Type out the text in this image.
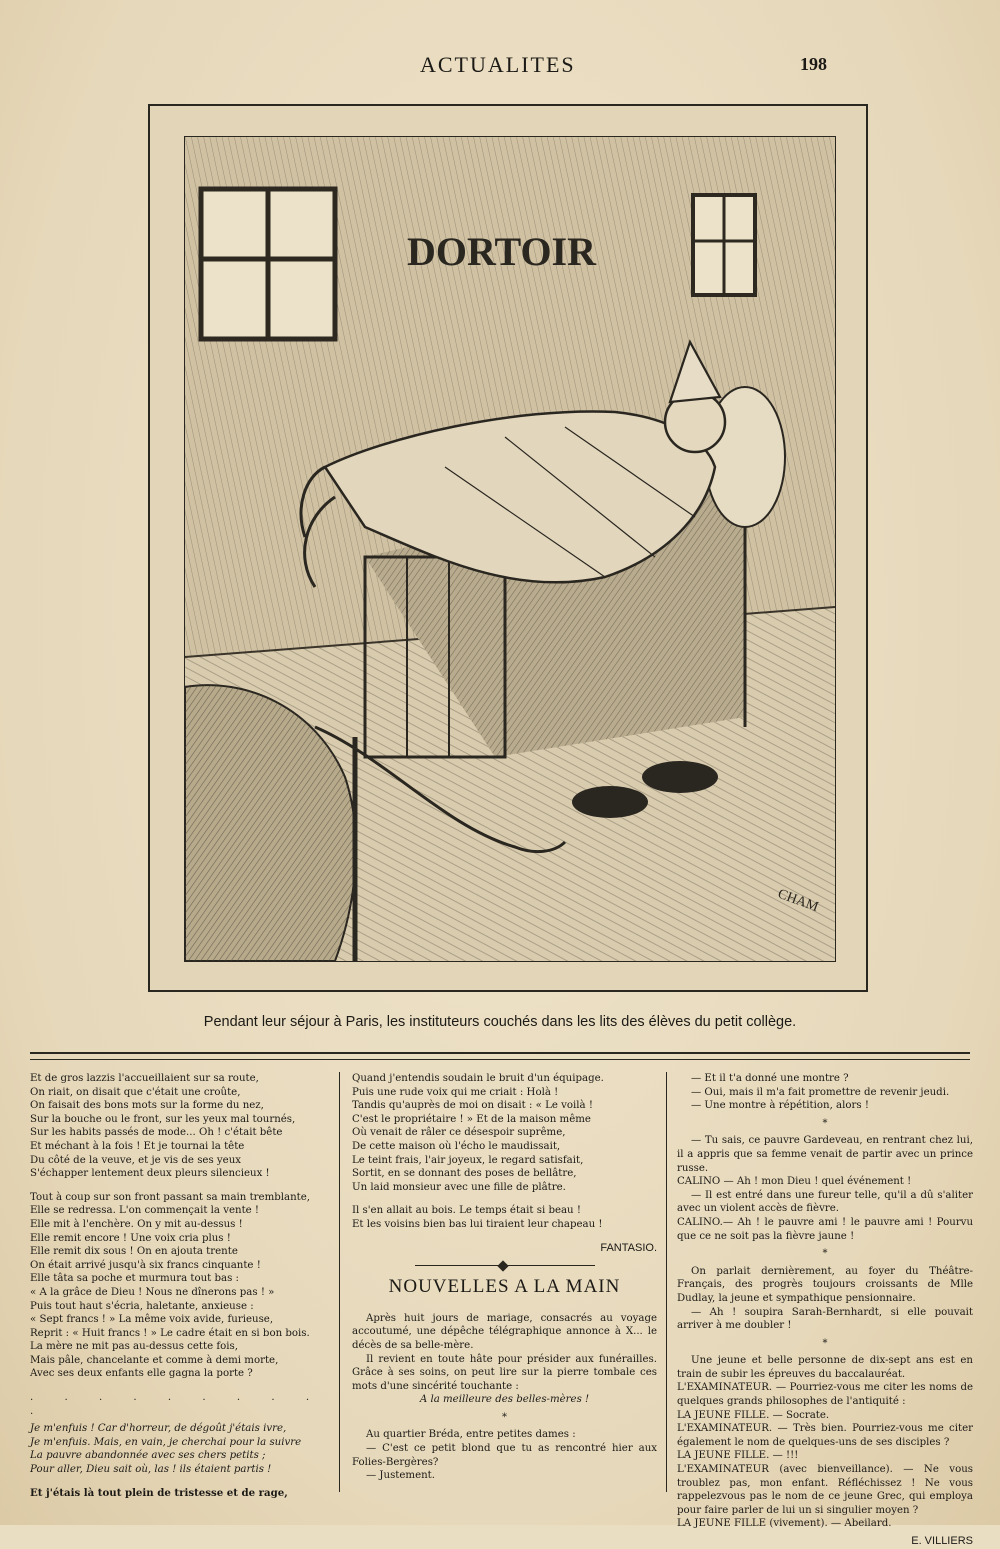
ACTUALITES	198
DORTOIR
CHAM
Pendant leur séjour à Paris, les instituteurs couchés dans les lits des élèves du petit collège.

Et de gros lazzis l'accueillaient sur sa route,

On riait, on disait que c'était une croûte,

On faisait des bons mots sur la forme du nez,

Sur la bouche ou le front, sur les yeux mal tournés,

Sur les habits passés de mode... Oh ! c'était bête

Et méchant à la fois ! Et je tournai la tête

Du côté de la veuve, et je vis de ses yeux

S'échapper lentement deux pleurs silencieux !

Tout à coup sur son front passant sa main tremblante,

Elle se redressa. L'on commençait la vente !

Elle mit à l'enchère. On y mit au-dessus !

Elle remit encore ! Une voix cria plus !

Elle remit dix sous ! On en ajouta trente

On était arrivé jusqu'à six francs cinquante !

Elle tâta sa poche et murmura tout bas :

« A la grâce de Dieu ! Nous ne dînerons pas ! »

Puis tout haut s'écria, haletante, anxieuse :

« Sept francs ! » La même voix avide, furieuse,

Reprit : « Huit francs ! » Le cadre était en si bon bois.

La mère ne mit pas au-dessus cette fois,

Mais pâle, chancelante et comme à demi morte,

Avec ses deux enfants elle gagna la porte ?

. . . . . . . . . .

Je m'enfuis ! Car d'horreur, de dégoût j'étais ivre,

Je m'enfuis. Mais, en vain, je cherchai pour la suivre

La pauvre abandonnée avec ses chers petits ;

Pour aller, Dieu sait où, las ! ils étaient partis !

Et j'étais là tout plein de tristesse et de rage,

Quand j'entendis soudain le bruit d'un équipage.

Puis une rude voix qui me criait : Holà !

Tandis qu'auprès de moi on disait : « Le voilà !

C'est le propriétaire ! » Et de la maison même

Où venait de râler ce désespoir suprême,

De cette maison où l'écho le maudissait,

Le teint frais, l'air joyeux, le regard satisfait,

Sortit, en se donnant des poses de bellâtre,

Un laid monsieur avec une fille de plâtre.

Il s'en allait au bois. Le temps était si beau !

Et les voisins bien bas lui tiraient leur chapeau !

FANTASIO.
NOUVELLES A LA MAIN

Après huit jours de mariage, consacrés au voyage accoutumé, une dépêche télégraphique annonce à X... le décès de sa belle-mère.

Il revient en toute hâte pour présider aux funérailles. Grâce à ses soins, on peut lire sur la pierre tombale ces mots d'une sincérité touchante :

A la meilleure des belles-mères !

*

Au quartier Bréda, entre petites dames :

— C'est ce petit blond que tu as rencontré hier aux Folies-Bergères?

— Justement.

— Et il t'a donné une montre ?

— Oui, mais il m'a fait promettre de revenir jeudi.

— Une montre à répétition, alors !

*

— Tu sais, ce pauvre Gardeveau, en rentrant chez lui, il a appris que sa femme venait de partir avec un prince russe.

CALINO — Ah ! mon Dieu ! quel événement !

— Il est entré dans une fureur telle, qu'il a dû s'aliter avec un violent accès de fièvre.

CALINO.— Ah ! le pauvre ami ! le pauvre ami ! Pourvu que ce ne soit pas la fièvre jaune !

*

On parlait dernièrement, au foyer du Théâtre-Français, des progrès toujours croissants de Mlle Dudlay, la jeune et sympathique pensionnaire.

— Ah ! soupira Sarah-Bernhardt, si elle pouvait arriver à me doubler !

*

Une jeune et belle personne de dix-sept ans est en train de subir les épreuves du baccalauréat.

L'EXAMINATEUR. — Pourriez-vous me citer les noms de quelques grands philosophes de l'antiquité :

LA JEUNE FILLE. — Socrate.

L'EXAMINATEUR. — Très bien. Pourriez-vous me citer également le nom de quelques-uns de ses disciples ?

LA JEUNE FILLE. — !!!

L'EXAMINATEUR (avec bienveillance). — Ne vous troublez pas, mon enfant. Réfléchissez ! Ne vous rappelezvous pas le nom de ce jeune Grec, qui employa pour faire parler de lui un si singulier moyen ?

LA JEUNE FILLE (vivement). — Abeilard.

E. VILLIERS
